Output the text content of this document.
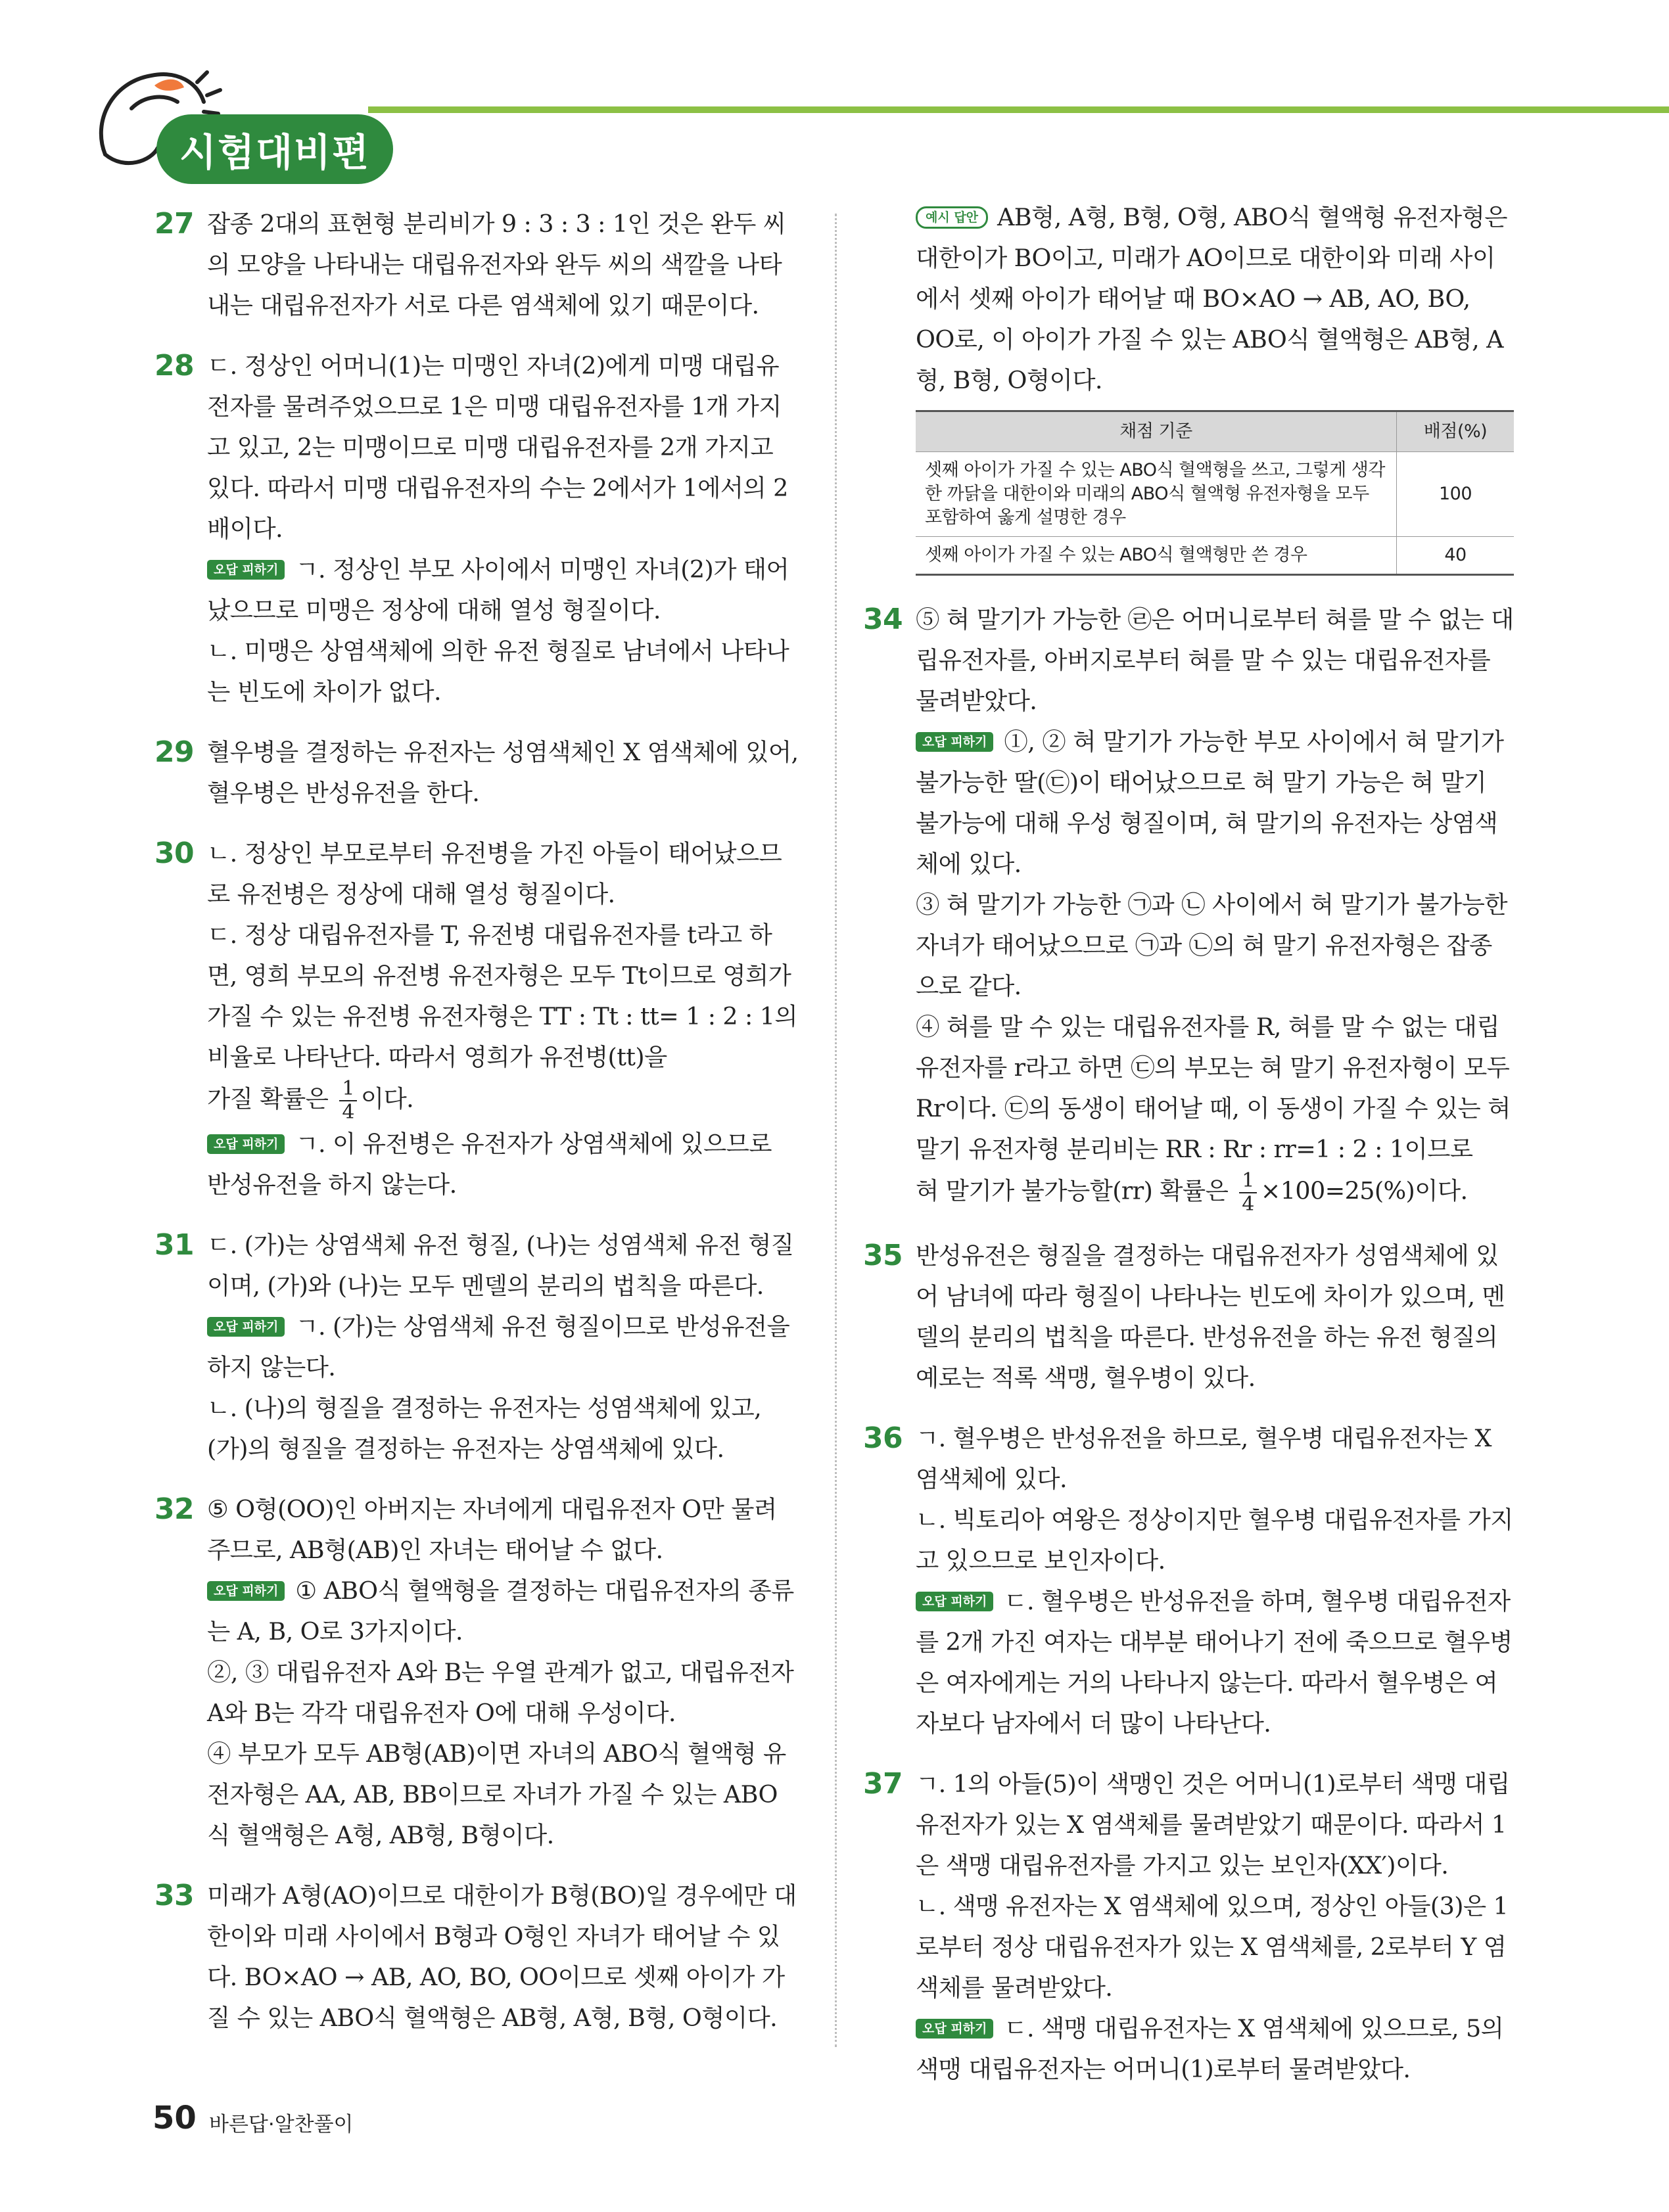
시험대비편
27 잡종 2대의 표현형 분리비가 9 : 3 : 3 : 1인 것은 완두 씨의 모양을 나타내는 대립유전자와 완두 씨의 색깔을 나타내는 대립유전자가 서로 다른 염색체에 있기 때문이다.

28 ㄷ. 정상인 어머니(1)는 미맹인 자녀(2)에게 미맹 대립유전자를 물려주었으므로 1은 미맹 대립유전자를 1개 가지고 있고, 2는 미맹이므로 미맹 대립유전자를 2개 가지고 있다. 따라서 미맹 대립유전자의 수는 2에서가 1에서의 2배이다.

오답 피하기 ㄱ. 정상인 부모 사이에서 미맹인 자녀(2)가 태어났으므로 미맹은 정상에 대해 열성 형질이다.

ㄴ. 미맹은 상염색체에 의한 유전 형질로 남녀에서 나타나는 빈도에 차이가 없다.

29 혈우병을 결정하는 유전자는 성염색체인 X 염색체에 있어, 혈우병은 반성유전을 한다.

30 ㄴ. 정상인 부모로부터 유전병을 가진 아들이 태어났으므로 유전병은 정상에 대해 열성 형질이다.

ㄷ. 정상 대립유전자를 T, 유전병 대립유전자를 t라고 하면, 영희 부모의 유전병 유전자형은 모두 Tt이므로 영희가 가질 수 있는 유전병 유전자형은 TT : Tt : tt= 1 : 2 : 1의 비율로 나타난다. 따라서 영희가 유전병(tt)을

가질 확률은 $\frac{1}{4}$ 이다.

오답 피하기 ㄱ. 이 유전병은 유전자가 상염색체에 있으므로 반성유전을 하지 않는다.

31 ㄷ. (가)는 상염색체 유전 형질, (나)는 성염색체 유전 형질이며, (가)와 (나)는 모두 멘델의 분리의 법칙을 따른다.

오답 피하기 ㄱ. (가)는 상염색체 유전 형질이므로 반성유전을 하지 않는다.

ㄴ. (나)의 형질을 결정하는 유전자는 성염색체에 있고, (가)의 형질을 결정하는 유전자는 상염색체에 있다.

32 ⑤ O형(OO)인 아버지는 자녀에게 대립유전자 O만 물려주므로, AB형(AB)인 자녀는 태어날 수 없다.

오답 피하기 ① ABO식 혈액형을 결정하는 대립유전자의 종류는 A, B, O로 3가지이다.

②, ③ 대립유전자 A와 B는 우열 관계가 없고, 대립유전자 A와 B는 각각 대립유전자 O에 대해 우성이다.

④ 부모가 모두 AB형(AB)이면 자녀의 ABO식 혈액형 유전자형은 AA, AB, BB이므로 자녀가 가질 수 있는 ABO식 혈액형은 A형, AB형, B형이다.

33 미래가 A형(AO)이므로 대한이가 B형(BO)일 경우에만 대한이와 미래 사이에서 B형과 O형인 자녀가 태어날 수 있다. BO×AO → AB, AO, BO, OO이므로 셋째 아이가 가질 수 있는 ABO식 혈액형은 AB형, A형, B형, O형이다.

예시 답안 AB형, A형, B형, O형, ABO식 혈액형 유전자형은 대한이가 BO이고, 미래가 AO이므로 대한이와 미래 사이에서 셋째 아이가 태어날 때 BO×AO → AB, AO, BO, OO로, 이 아이가 가질 수 있는 ABO식 혈액형은 AB형, A형, B형, O형이다.

채점 기준	배점(%)
셋째 아이가 가질 수 있는 ABO식 혈액형을 쓰고, 그렇게 생각한 까닭을 대한이와 미래의 ABO식 혈액형 유전자형을 모두 포함하여 옳게 설명한 경우	100
셋째 아이가 가질 수 있는 ABO식 혈액형만 쓴 경우	40
34 ⑤ 혀 말기가 가능한 ㉣은 어머니로부터 혀를 말 수 없는 대립유전자를, 아버지로부터 혀를 말 수 있는 대립유전자를 물려받았다.

오답 피하기 ①, ② 혀 말기가 가능한 부모 사이에서 혀 말기가 불가능한 딸(㉢)이 태어났으므로 혀 말기 가능은 혀 말기 불가능에 대해 우성 형질이며, 혀 말기의 유전자는 상염색체에 있다.

③ 혀 말기가 가능한 ㉠과 ㉡ 사이에서 혀 말기가 불가능한 자녀가 태어났으므로 ㉠과 ㉡의 혀 말기 유전자형은 잡종으로 같다.

④ 혀를 말 수 있는 대립유전자를 R, 혀를 말 수 없는 대립유전자를 r라고 하면 ㉢의 부모는 혀 말기 유전자형이 모두 Rr이다. ㉢의 동생이 태어날 때, 이 동생이 가질 수 있는 혀 말기 유전자형 분리비는 RR : Rr : rr=1 : 2 : 1이므로

혀 말기가 불가능할(rr) 확률은 $\frac{1}{4} \times 100=25(\%)$이다.

35 반성유전은 형질을 결정하는 대립유전자가 성염색체에 있어 남녀에 따라 형질이 나타나는 빈도에 차이가 있으며, 멘델의 분리의 법칙을 따른다. 반성유전을 하는 유전 형질의 예로는 적록 색맹, 혈우병이 있다.

36 ㄱ. 혈우병은 반성유전을 하므로, 혈우병 대립유전자는 X 염색체에 있다.

ㄴ. 빅토리아 여왕은 정상이지만 혈우병 대립유전자를 가지고 있으므로 보인자이다.

오답 피하기 ㄷ. 혈우병은 반성유전을 하며, 혈우병 대립유전자를 2개 가진 여자는 대부분 태어나기 전에 죽으므로 혈우병은 여자에게는 거의 나타나지 않는다. 따라서 혈우병은 여자보다 남자에서 더 많이 나타난다.

37 ㄱ. 1의 아들(5)이 색맹인 것은 어머니(1)로부터 색맹 대립유전자가 있는 X 염색체를 물려받았기 때문이다. 따라서 1은 색맹 대립유전자를 가지고 있는 보인자(XX′)이다.

ㄴ. 색맹 유전자는 X 염색체에 있으며, 정상인 아들(3)은 1로부터 정상 대립유전자가 있는 X 염색체를, 2로부터 Y 염색체를 물려받았다.

오답 피하기 ㄷ. 색맹 대립유전자는 X 염색체에 있으므로, 5의 색맹 대립유전자는 어머니(1)로부터 물려받았다.

50 바른답·알찬풀이
